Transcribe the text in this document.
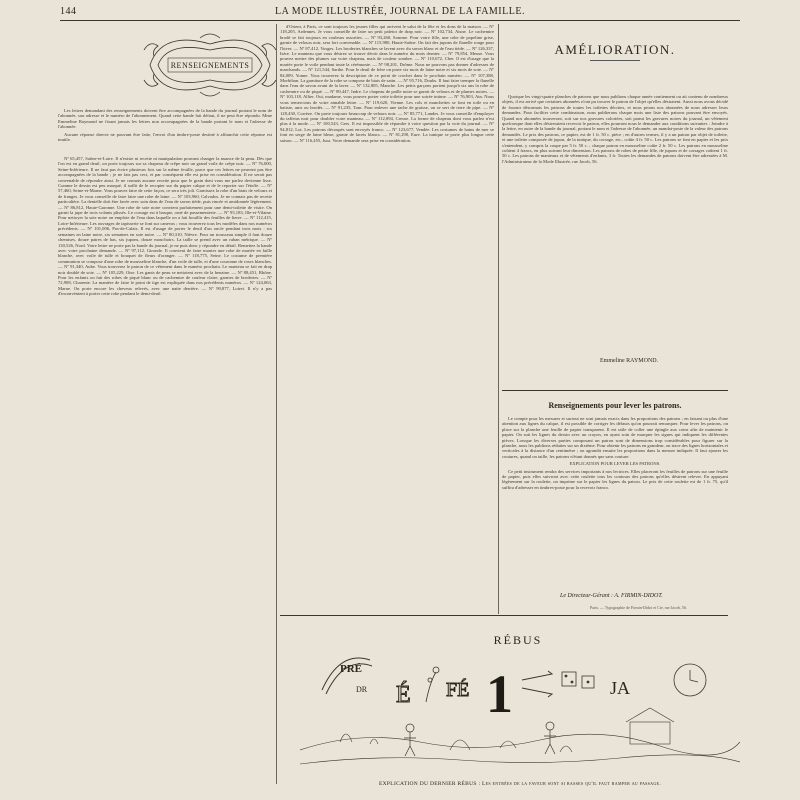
144	LA MODE ILLUSTRÉE, JOURNAL DE LA FAMILLE.
RENSEIGNEMENTS

Les lettres demandant des renseignements doivent être accompagnées de la bande du journal portant le nom de l'abonnée, son adresse et le numéro de l'abonnement. Quand cette bande fait défaut, il ne peut être répondu. Mme Emmeline Raymond ne fixant jamais les lettres non accompagnées de la bande portant le nom et l'adresse de l'abonnée.

Aucune réponse directe ne pouvant être faite, l'envoi d'un timbre-poste destiné à affranchir cette réponse est inutile.

Nº 65,457, Saône-et-Loire. Il n'existe ni recette ni manipulation pouvant changer la nuance de la peau. Dès que l'on est en grand deuil, on porte toujours sur sa chapeau de crêpe noir un grand voile de crêpe noir. — Nº 76,000, Seine-Inférieure. Il ne faut pas écrire plusieurs fois sur la même feuille, parce que ces lettres ne peuvent pas être accompagnées de la bande ; je ne fais pas ceci, et par conséquent elle est prise en considération. Il ne serait pas convenable de répondre ainsi. Je ne connais aucune recette pour que le grain dont vous me parlez devienne lisse. Comme le dessin est peu marqué, il suffit de le recopier sur du papier calque et de le reporter sur l'étoffe. — Nº 57,460, Seine-et-Marne. Vous pouvez faire de cette façon, ce sera très joli. Garnissez la robe d'un biais de velours et de franges. Je vous conseille de faire faire une robe de laine. — Nº 103,960, Calvados. Je ne connais pas de recette particulière. La dentelle doit être lavée avec soin dans de l'eau de savon tiède, puis rincée et amidonnée légèrement. — Nº 86,812, Haute-Garonne. Une robe de soie noire convient parfaitement pour une demi-toilette de visite. On garnit la jupe de trois volants plissés. Le corsage est à basque, orné de passementerie. — Nº 95,183, Ille-et-Vilaine. Pour nettoyer la soie noire on emploie de l'eau dans laquelle on a fait bouillir des feuilles de lierre. — Nº 112,415, Loire-Inférieure. Les ouvrages de tapisserie se font sur canevas ; vous trouverez tous les modèles dans nos numéros précédents. — Nº 101,006, Pas-de-Calais. Il est d'usage de porter le deuil d'un oncle pendant trois mois : six semaines en laine noire, six semaines en soie noire. — Nº 80,310, Nièvre. Pour un trousseau simple il faut douze chemises, douze paires de bas, six jupons, douze mouchoirs. La taille se prend avec un ruban métrique. — Nº 130,526, Nord. Votre lettre ne porte pas la bande du journal, je ne puis donc y répondre en détail. Remettez la bande avec votre prochaine demande. — Nº 97,112, Gironde. Il convient de faire monter une robe de mariée en faille blanche, avec voile de tulle et bouquet de fleurs d'oranger. — Nº 118,775, Seine. Le costume de première communion se compose d'une robe de mousseline blanche, d'un voile de tulle, et d'une couronne de roses blanches. — Nº 91,340, Aube. Vous trouverez le patron de ce vêtement dans le numéro prochain. Le manteau se fait en drap noir doublé de soie. — Nº 105,229, Oise. Les gants de peau se nettoient avec de la benzine. — Nº 88,451, Rhône. Pour les enfants on fait des robes de piqué blanc ou de cachemire de couleur claire, garnies de broderies. — Nº 72,908, Charente. La manière de faire le point de tige est expliquée dans nos précédents numéros. — Nº 124,063, Marne. On porte encore les cheveux relevés, avec une natte derrière. — Nº 99,877, Loiret. Il n'y a pas d'inconvénient à porter cette robe pendant le demi-deuil.

d'Orient, à Paris, ce sont toujours les jeunes filles qui arrivent le salut de la fête et les dons de la maison. — Nº 118,205, Ardennes. Je vous conseille de faire un petit paletot de drap noir. — Nº 102,734, Aisne. Le cachemire brodé se fait toujours en couleurs assorties. — Nº 93,260, Somme. Pour votre fille, une robe de popeline grise, garnie de velours noir, sera fort convenable. — Nº 115,980, Haute-Saône. On fait des jupons de flanelle rouge pour l'hiver. — Nº 87,412, Vosges. Les broderies blanches se lavent avec du savon blanc et de l'eau tiède. — Nº 126,337, Isère. Le manteau que vous désirez se trouve décrit dans le numéro du mois dernier. — Nº 79,854, Meuse. Vous pouvez mettre des plumes sur votre chapeau, mais de couleur sombre. — Nº 110,672, Cher. Il est d'usage que la mariée porte le voile pendant toute la cérémonie. — Nº 98,201, Drôme. Nous ne pouvons pas donner d'adresses de marchands. — Nº 121,544, Sarthe. Pour le deuil de frère on porte six mois de laine noire et six mois de soie. — Nº 84,009, Yonne. Vous trouverez la description de ce point de crochet dans le prochain numéro. — Nº 107,388, Morbihan. La garniture de la robe se compose de biais de satin. — Nº 95,716, Doubs. Il faut faire tremper la flanelle dans l'eau de savon avant de la laver. — Nº 132,805, Manche. Les petits garçons portent jusqu'à six ans la robe de cachemire ou de piqué. — Nº 89,447, Indre. Le chapeau de paille noire se garnit de velours et de plumes noires. — Nº 103,118, Allier. Oui, madame, vous pouvez porter cette toilette pour une soirée intime. — Nº 76,903, Ain. Nous vous remercions de votre aimable lettre. — Nº 119,620, Vienne. Les cols et manchettes se font en toile ou en batiste, unis ou brodés. — Nº 91,235, Tarn. Pour enlever une tache de graisse, on se sert de terre de pipe. — Nº 128,430, Corrèze. On porte toujours beaucoup de velours noir. — Nº 85,771, Landes. Je vous conseille d'employer du taffetas noir pour doubler votre manteau. — Nº 112,094, Creuse. La forme de chapeau dont vous parlez n'est plus à la mode. — Nº 100,543, Gers. Il est impossible de répondre à votre question par la voie du journal. — Nº 94,812, Lot. Les patrons découpés sont envoyés franco. — Nº 123,677, Vendée. Les costumes de bains de mer se font en serge de laine bleue, garnie de lacets blancs. — Nº 81,290, Eure. La tunique se porte plus longue cette saison. — Nº 116,455, Jura. Votre demande sera prise en considération.

AMÉLIORATION.

Quoique les vingt-quatre planches de patrons que nous publions chaque année contiennent ou ait contenu de nombreux objets, il est arrivé que certaines abonnées n'ont pu trouver le patron de l'objet qu'elles désiraient. Aussi nous avons décidé de fournir désormais les patrons de toutes les toilettes décrites, et nous prions nos abonnées de nous adresser leurs demandes. Pour faciliter cette combinaison, nous publierons chaque mois une liste des patrons pouvant être envoyés. Quand nos abonnées trouveront, soit sur nos gravures coloriées, soit parmi les gravures noires du journal, un vêtement quelconque dont elles désireraient recevoir le patron, elles pourront nous le demander aux conditions suivantes : Joindre à la lettre, en outre de la bande du journal, portant le nom et l'adresse de l'abonnée, un mandat-poste de la valeur des patrons demandés. Le prix des patrons, ce papier, est de 1 fr. 50 c. pièce ; en d'autres termes, il y a un patron par objet de toilette, et une toilette composée de jupon, de la tunique, du corsage, etc., coûte 4 fr. 50 c. Les patrons se font en papier et les prix s'entendent, y compris la coupe par 5 fr. 50 c. ; chaque patron en mousseline coûte 2 fr. 50 c. Les patrons en mousseline coûtent 4 francs, en plus suivant leur dimension. Les patrons de robes de petite fille, de jupons et de corsages coûtent 1 fr. 50 c. Les patrons de manteaux et de vêtements d'enfants, 3 fr. Toutes les demandes de patrons doivent être adressées à M. l'Administrateur de la Mode Illustrée, rue Jacob, 56.

Emmeline RAYMOND.
Renseignements pour lever les patrons.

Le compte pour les mesures et surtout ne sont jamais exacts dans les proportions des patrons ; en faisant ou plus d'une attention aux lignes du calque, il est possible de corriger les défauts qu'on pourrait remarquer. Pour lever les patrons, on place sur la planche une feuille de papier transparent. Il est utile de coller une épingle aux coins afin de maintenir le papier. On suit les lignes du dessin avec un crayon, en ayant soin de marquer les signes qui indiquent les différentes pièces. Lorsque les diverses parties composant un patron sont de dimensions trop considérables pour figurer sur la planche, nous les publions réduites sur un dixième. Pour obtenir les patrons en grandeur, on trace des lignes horizontales et verticales à la distance d'un centimètre ; on agrandit ensuite les proportions dans la mesure indiquée. Il faut ajouter les coutures, quand on taille, les patrons n'étant donnés que sans couture.

EXPLICATION POUR LEVER LES PATRONS.

Ce petit instrument rendra des services importants à nos lectrices. Elles placeront les feuilles de patrons sur une feuille de papier, puis elles suivront avec cette roulette tous les contours des patrons qu'elles désirent relever. En appuyant légèrement sur la roulette, on imprime sur le papier les lignes du patron. Le prix de cette roulette est de 1 fr. 75, qu'il suffira d'adresser en timbres-poste pour la recevoir franco.

Le Directeur-Gérant : A. FIRMIN-DIDOT.
Paris. — Typographie de Firmin-Didot et Cie, rue Jacob, 56.
RÉBUS
PRÉ
DR É FÉ 1	JA
EXPLICATION DU DERNIER RÉBUS : Les entrées de la faveur sont si basses qu'il faut ramper au passage.
